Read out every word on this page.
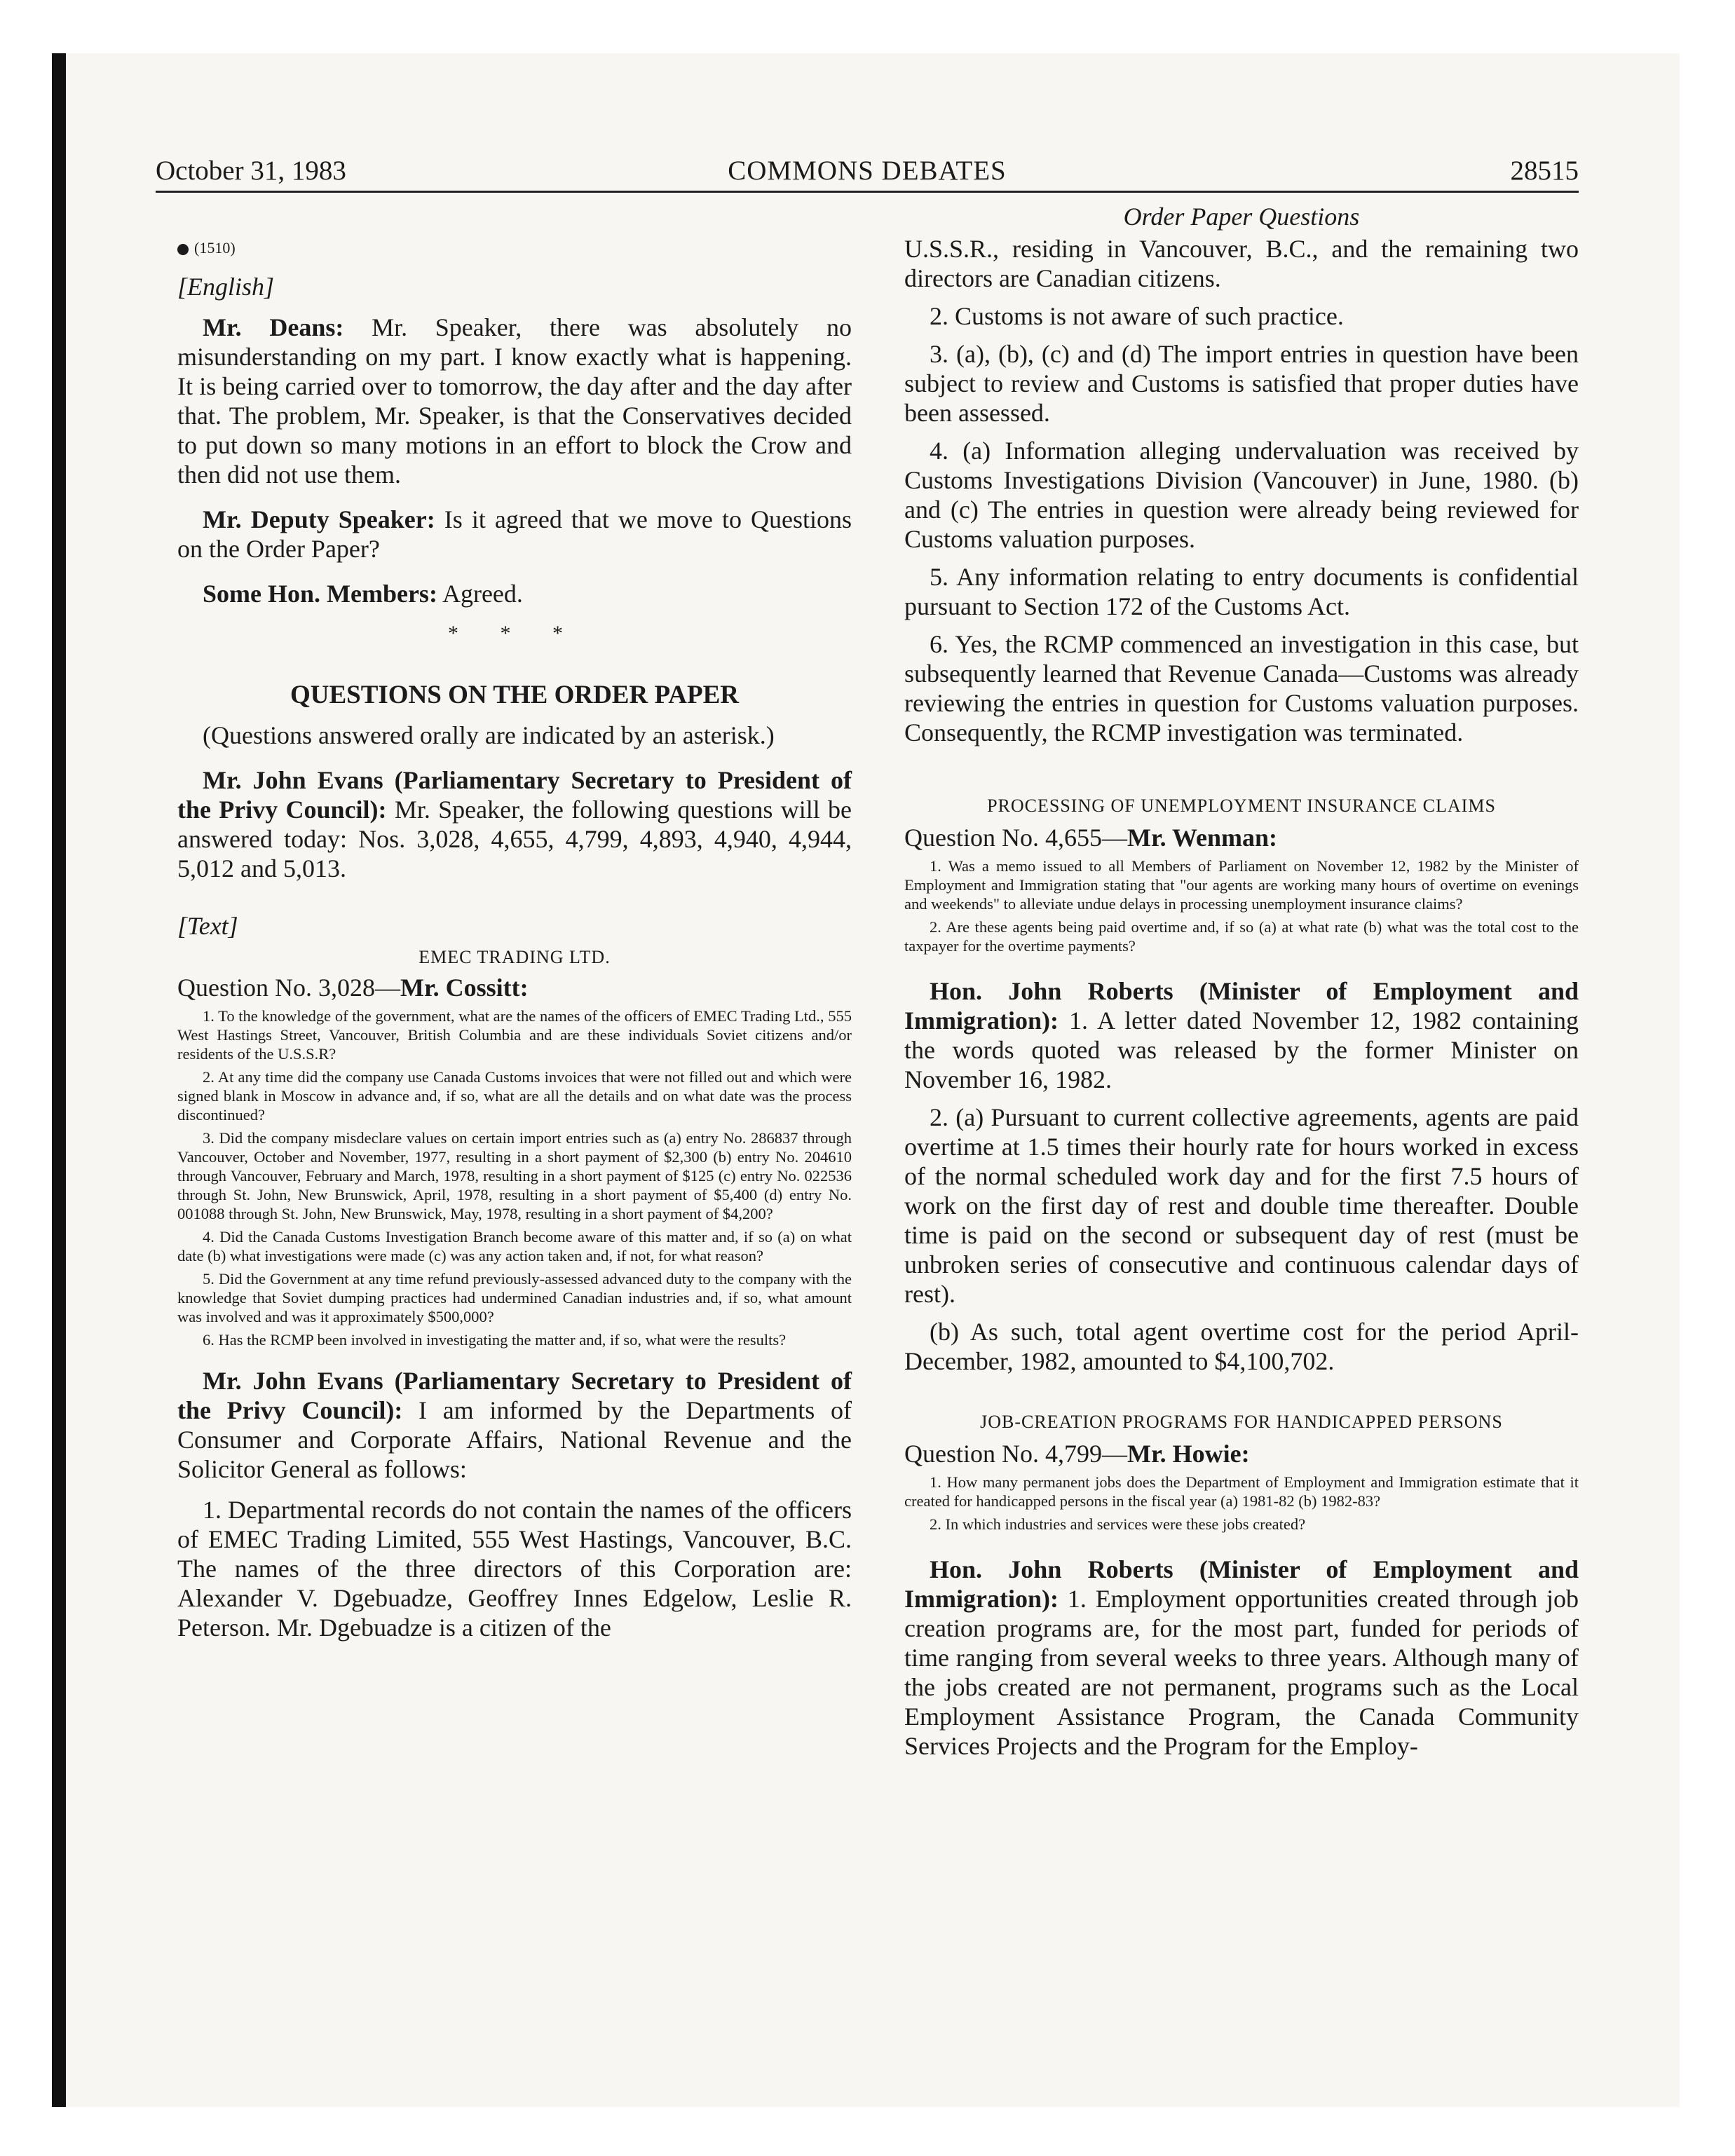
October 31, 1983	COMMONS DEBATES	28515
(1510)

[English]

Mr. Deans: Mr. Speaker, there was absolutely no misunderstanding on my part. I know exactly what is happening. It is being carried over to tomorrow, the day after and the day after that. The problem, Mr. Speaker, is that the Conservatives decided to put down so many motions in an effort to block the Crow and then did not use them.

Mr. Deputy Speaker: Is it agreed that we move to Questions on the Order Paper?

Some Hon. Members: Agreed.

* * *

QUESTIONS ON THE ORDER PAPER

(Questions answered orally are indicated by an asterisk.)

Mr. John Evans (Parliamentary Secretary to President of the Privy Council): Mr. Speaker, the following questions will be answered today: Nos. 3,028, 4,655, 4,799, 4,893, 4,940, 4,944, 5,012 and 5,013.

[Text]

EMEC TRADING LTD.

Question No. 3,028—Mr. Cossitt:

1. To the knowledge of the government, what are the names of the officers of EMEC Trading Ltd., 555 West Hastings Street, Vancouver, British Columbia and are these individuals Soviet citizens and/or residents of the U.S.S.R?

2. At any time did the company use Canada Customs invoices that were not filled out and which were signed blank in Moscow in advance and, if so, what are all the details and on what date was the process discontinued?

3. Did the company misdeclare values on certain import entries such as (a) entry No. 286837 through Vancouver, October and November, 1977, resulting in a short payment of $2,300 (b) entry No. 204610 through Vancouver, February and March, 1978, resulting in a short payment of $125 (c) entry No. 022536 through St. John, New Brunswick, April, 1978, resulting in a short payment of $5,400 (d) entry No. 001088 through St. John, New Brunswick, May, 1978, resulting in a short payment of $4,200?

4. Did the Canada Customs Investigation Branch become aware of this matter and, if so (a) on what date (b) what investigations were made (c) was any action taken and, if not, for what reason?

5. Did the Government at any time refund previously-assessed advanced duty to the company with the knowledge that Soviet dumping practices had undermined Canadian industries and, if so, what amount was involved and was it approximately $500,000?

6. Has the RCMP been involved in investigating the matter and, if so, what were the results?

Mr. John Evans (Parliamentary Secretary to President of the Privy Council): I am informed by the Departments of Consumer and Corporate Affairs, National Revenue and the Solicitor General as follows:

1. Departmental records do not contain the names of the officers of EMEC Trading Limited, 555 West Hastings, Vancouver, B.C. The names of the three directors of this Corporation are: Alexander V. Dgebuadze, Geoffrey Innes Edgelow, Leslie R. Peterson. Mr. Dgebuadze is a citizen of the

Order Paper Questions

U.S.S.R., residing in Vancouver, B.C., and the remaining two directors are Canadian citizens.

2. Customs is not aware of such practice.

3. (a), (b), (c) and (d) The import entries in question have been subject to review and Customs is satisfied that proper duties have been assessed.

4. (a) Information alleging undervaluation was received by Customs Investigations Division (Vancouver) in June, 1980. (b) and (c) The entries in question were already being reviewed for Customs valuation purposes.

5. Any information relating to entry documents is confidential pursuant to Section 172 of the Customs Act.

6. Yes, the RCMP commenced an investigation in this case, but subsequently learned that Revenue Canada—Customs was already reviewing the entries in question for Customs valuation purposes. Consequently, the RCMP investigation was terminated.

PROCESSING OF UNEMPLOYMENT INSURANCE CLAIMS

Question No. 4,655—Mr. Wenman:

1. Was a memo issued to all Members of Parliament on November 12, 1982 by the Minister of Employment and Immigration stating that "our agents are working many hours of overtime on evenings and weekends" to alleviate undue delays in processing unemployment insurance claims?

2. Are these agents being paid overtime and, if so (a) at what rate (b) what was the total cost to the taxpayer for the overtime payments?

Hon. John Roberts (Minister of Employment and Immigration): 1. A letter dated November 12, 1982 containing the words quoted was released by the former Minister on November 16, 1982.

2. (a) Pursuant to current collective agreements, agents are paid overtime at 1.5 times their hourly rate for hours worked in excess of the normal scheduled work day and for the first 7.5 hours of work on the first day of rest and double time thereafter. Double time is paid on the second or subsequent day of rest (must be unbroken series of consecutive and continuous calendar days of rest).

(b) As such, total agent overtime cost for the period April-December, 1982, amounted to $4,100,702.

JOB-CREATION PROGRAMS FOR HANDICAPPED PERSONS

Question No. 4,799—Mr. Howie:

1. How many permanent jobs does the Department of Employment and Immigration estimate that it created for handicapped persons in the fiscal year (a) 1981-82 (b) 1982-83?

2. In which industries and services were these jobs created?

Hon. John Roberts (Minister of Employment and Immigration): 1. Employment opportunities created through job creation programs are, for the most part, funded for periods of time ranging from several weeks to three years. Although many of the jobs created are not permanent, programs such as the Local Employment Assistance Program, the Canada Community Services Projects and the Program for the Employ-
